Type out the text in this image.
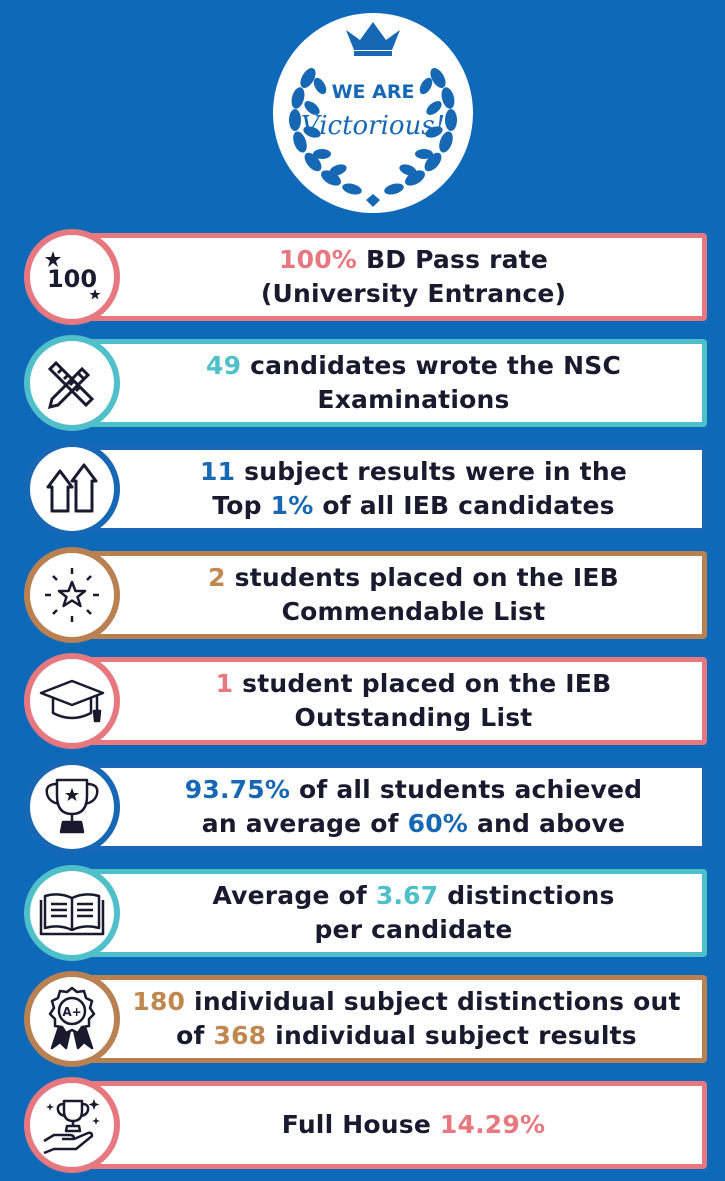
WE ARE
Victorious!
100% BD Pass rate
(University Entrance)
100
49 candidates wrote the NSC
Examinations
11 subject results were in the
Top 1% of all IEB candidates
2 students placed on the IEB
Commendable List
1 student placed on the IEB
Outstanding List
93.75% of all students achieved
an average of 60% and above
Average of 3.67 distinctions
per candidate
180 individual subject distinctions out
of 368 individual subject results
A+
Full House 14.29%
